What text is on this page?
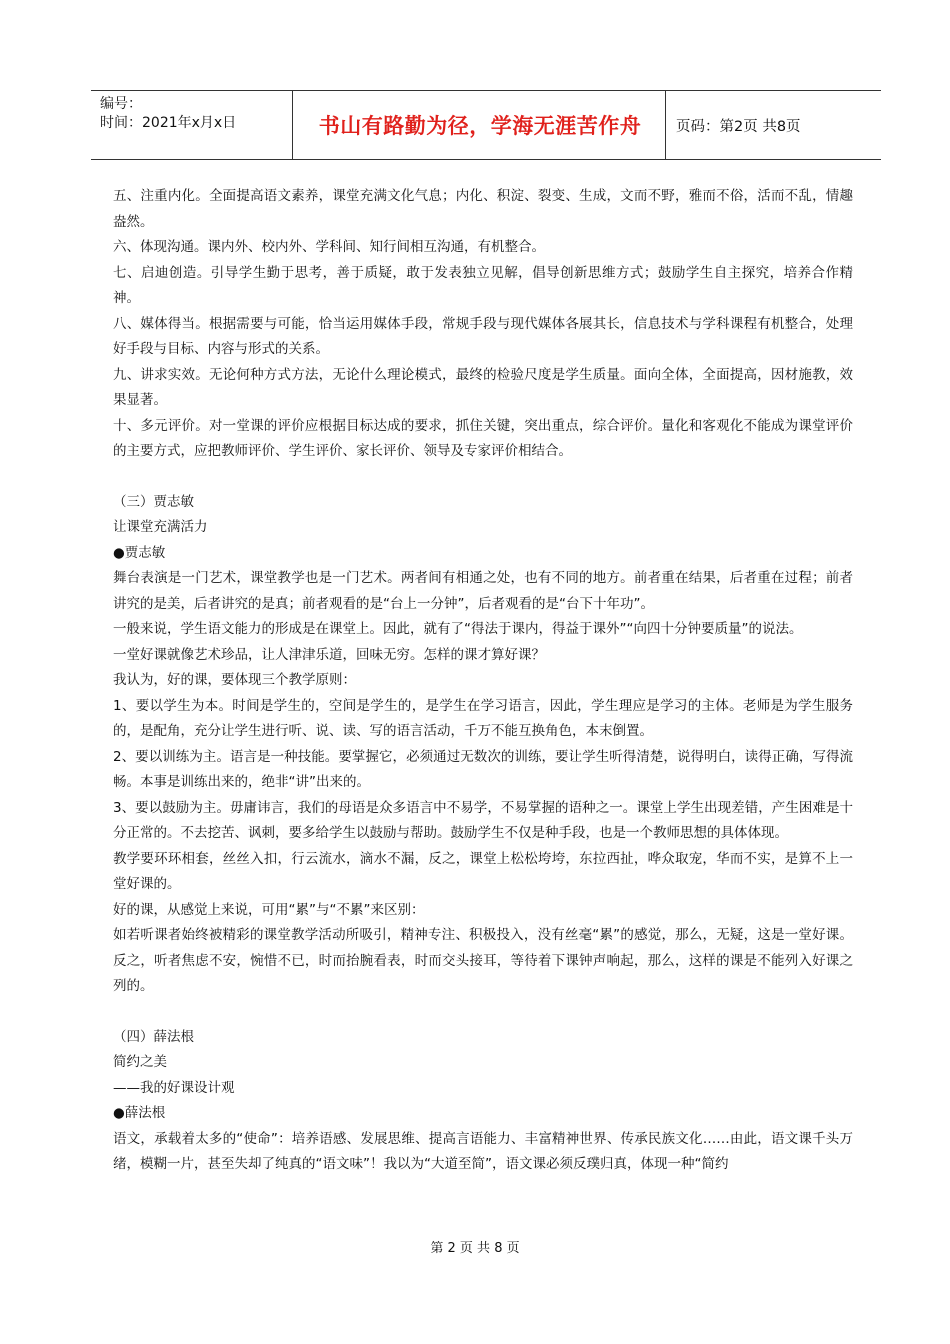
编号：
时间：2021年x月x日	书山有路勤为径，学海无涯苦作舟	页码：第2页 共8页

五、注重内化。全面提高语文素养，课堂充满文化气息；内化、积淀、裂变、生成，文而不野，雅而不俗，活而不乱，情趣盎然。

六、体现沟通。课内外、校内外、学科间、知行间相互沟通，有机整合。

七、启迪创造。引导学生勤于思考，善于质疑，敢于发表独立见解，倡导创新思维方式；鼓励学生自主探究，培养合作精神。

八、媒体得当。根据需要与可能，恰当运用媒体手段，常规手段与现代媒体各展其长，信息技术与学科课程有机整合，处理好手段与目标、内容与形式的关系。

九、讲求实效。无论何种方式方法，无论什么理论模式，最终的检验尺度是学生质量。面向全体，全面提高，因材施教，效果显著。

十、多元评价。对一堂课的评价应根据目标达成的要求，抓住关键，突出重点，综合评价。量化和客观化不能成为课堂评价的主要方式，应把教师评价、学生评价、家长评价、领导及专家评价相结合。

（三）贾志敏

让课堂充满活力

●贾志敏

舞台表演是一门艺术，课堂教学也是一门艺术。两者间有相通之处，也有不同的地方。前者重在结果，后者重在过程；前者讲究的是美，后者讲究的是真；前者观看的是“台上一分钟”，后者观看的是“台下十年功”。

一般来说，学生语文能力的形成是在课堂上。因此，就有了“得法于课内，得益于课外”“向四十分钟要质量”的说法。

一堂好课就像艺术珍品，让人津津乐道，回味无穷。怎样的课才算好课？

我认为，好的课，要体现三个教学原则：

1、要以学生为本。时间是学生的，空间是学生的，是学生在学习语言，因此，学生理应是学习的主体。老师是为学生服务的，是配角，充分让学生进行听、说、读、写的语言活动，千万不能互换角色，本末倒置。

2、要以训练为主。语言是一种技能。要掌握它，必须通过无数次的训练，要让学生听得清楚，说得明白，读得正确，写得流畅。本事是训练出来的，绝非“讲”出来的。

3、要以鼓励为主。毋庸讳言，我们的母语是众多语言中不易学，不易掌握的语种之一。课堂上学生出现差错，产生困难是十分正常的。不去挖苦、讽刺，要多给学生以鼓励与帮助。鼓励学生不仅是种手段，也是一个教师思想的具体体现。

教学要环环相套，丝丝入扣，行云流水，滴水不漏，反之，课堂上松松垮垮，东拉西扯，哗众取宠，华而不实，是算不上一堂好课的。

好的课，从感觉上来说，可用“累”与“不累”来区别：

如若听课者始终被精彩的课堂教学活动所吸引，精神专注、积极投入，没有丝毫“累”的感觉，那么，无疑，这是一堂好课。反之，听者焦虑不安，惋惜不已，时而抬腕看表，时而交头接耳，等待着下课钟声响起，那么，这样的课是不能列入好课之列的。

（四）薛法根

简约之美

——我的好课设计观

●薛法根

语文，承载着太多的“使命”：培养语感、发展思维、提高言语能力、丰富精神世界、传承民族文化……由此，语文课千头万绪，模糊一片，甚至失却了纯真的“语文味”！我以为“大道至简”，语文课必须反璞归真，体现一种“简约

第 2 页 共 8 页
